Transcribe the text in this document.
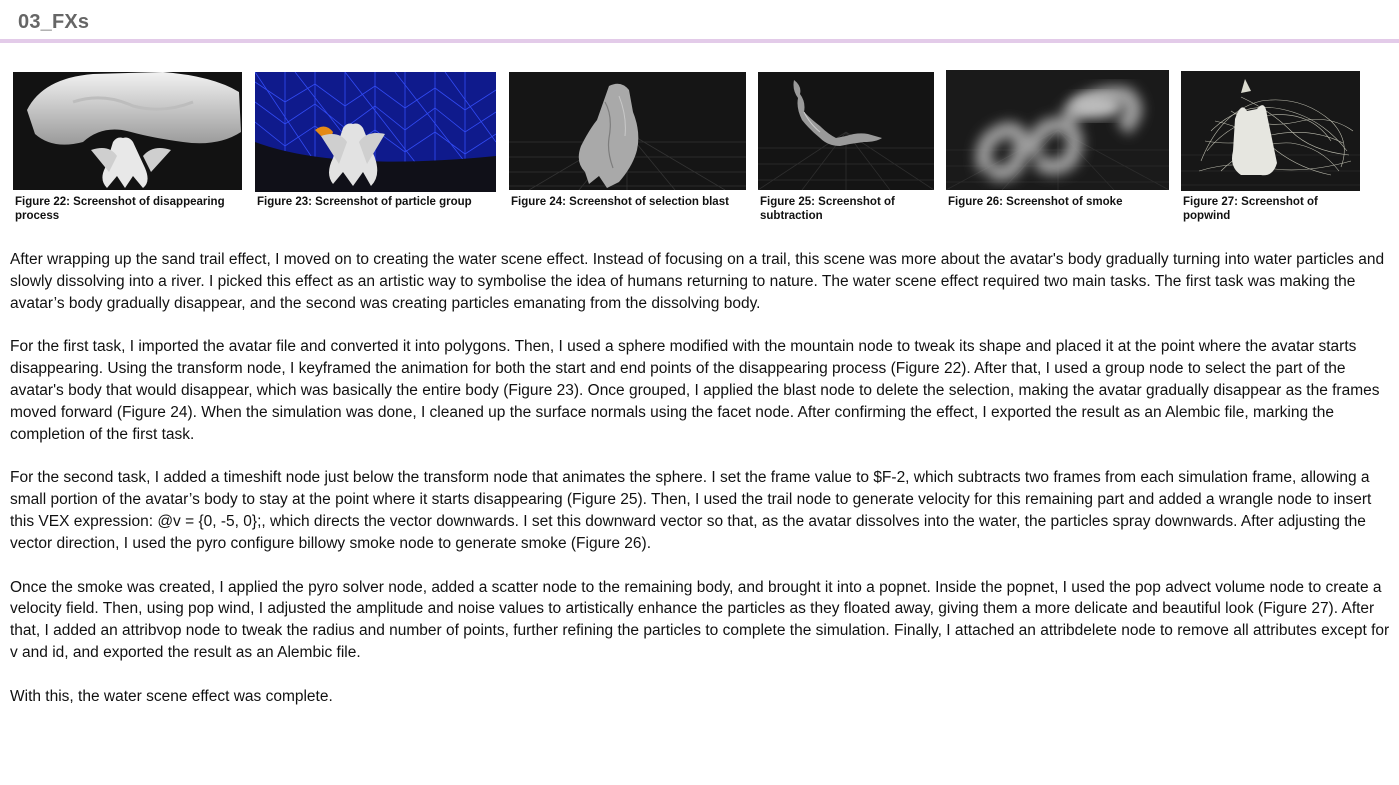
03_FXs

Figure 22: Screenshot of disappearing process

Figure 23: Screenshot of particle group	Figure 24: Screenshot of selection blast	Figure 25: Screenshot of subtraction

Figure 26: Screenshot of smoke	Figure 27: Screenshot of popwind

After wrapping up the sand trail effect, I moved on to creating the water scene effect. Instead of focusing on a trail, this scene was more about the avatar's body gradually turning into water particles and slowly dissolving into a river. I picked this effect as an artistic way to symbolise the idea of humans returning to nature. The water scene effect required two main tasks. The first task was making the avatar’s body gradually disappear, and the second was creating particles emanating from the dissolving body.

For the first task, I imported the avatar file and converted it into polygons. Then, I used a sphere modified with the mountain node to tweak its shape and placed it at the point where the avatar starts disappearing. Using the transform node, I keyframed the animation for both the start and end points of the disappearing process (Figure 22). After that, I used a group node to select the part of the avatar's body that would disappear, which was basically the entire body (Figure 23). Once grouped, I applied the blast node to delete the selection, making the avatar gradually disappear as the frames moved forward (Figure 24). When the simulation was done, I cleaned up the surface normals using the facet node. After confirming the effect, I exported the result as an Alembic file, marking the completion of the first task.

For the second task, I added a timeshift node just below the transform node that animates the sphere. I set the frame value to $F-2, which subtracts two frames from each simulation frame, allowing a small portion of the avatar’s body to stay at the point where it starts disappearing (Figure 25). Then, I used the trail node to generate velocity for this remaining part and added a wrangle node to insert this VEX expression: @v = {0, -5, 0};, which directs the vector downwards. I set this downward vector so that, as the avatar dissolves into the water, the particles spray downwards. After adjusting the vector direction, I used the pyro configure billowy smoke node to generate smoke (Figure 26).

Once the smoke was created, I applied the pyro solver node, added a scatter node to the remaining body, and brought it into a popnet. Inside the popnet, I used the pop advect volume node to create a velocity field. Then, using pop wind, I adjusted the amplitude and noise values to artistically enhance the particles as they floated away, giving them a more delicate and beautiful look (Figure 27). After that, I added an attribvop node to tweak the radius and number of points, further refining the particles to complete the simulation. Finally, I attached an attribdelete node to remove all attributes except for v and id, and exported the result as an Alembic file.

With this, the water scene effect was complete.
